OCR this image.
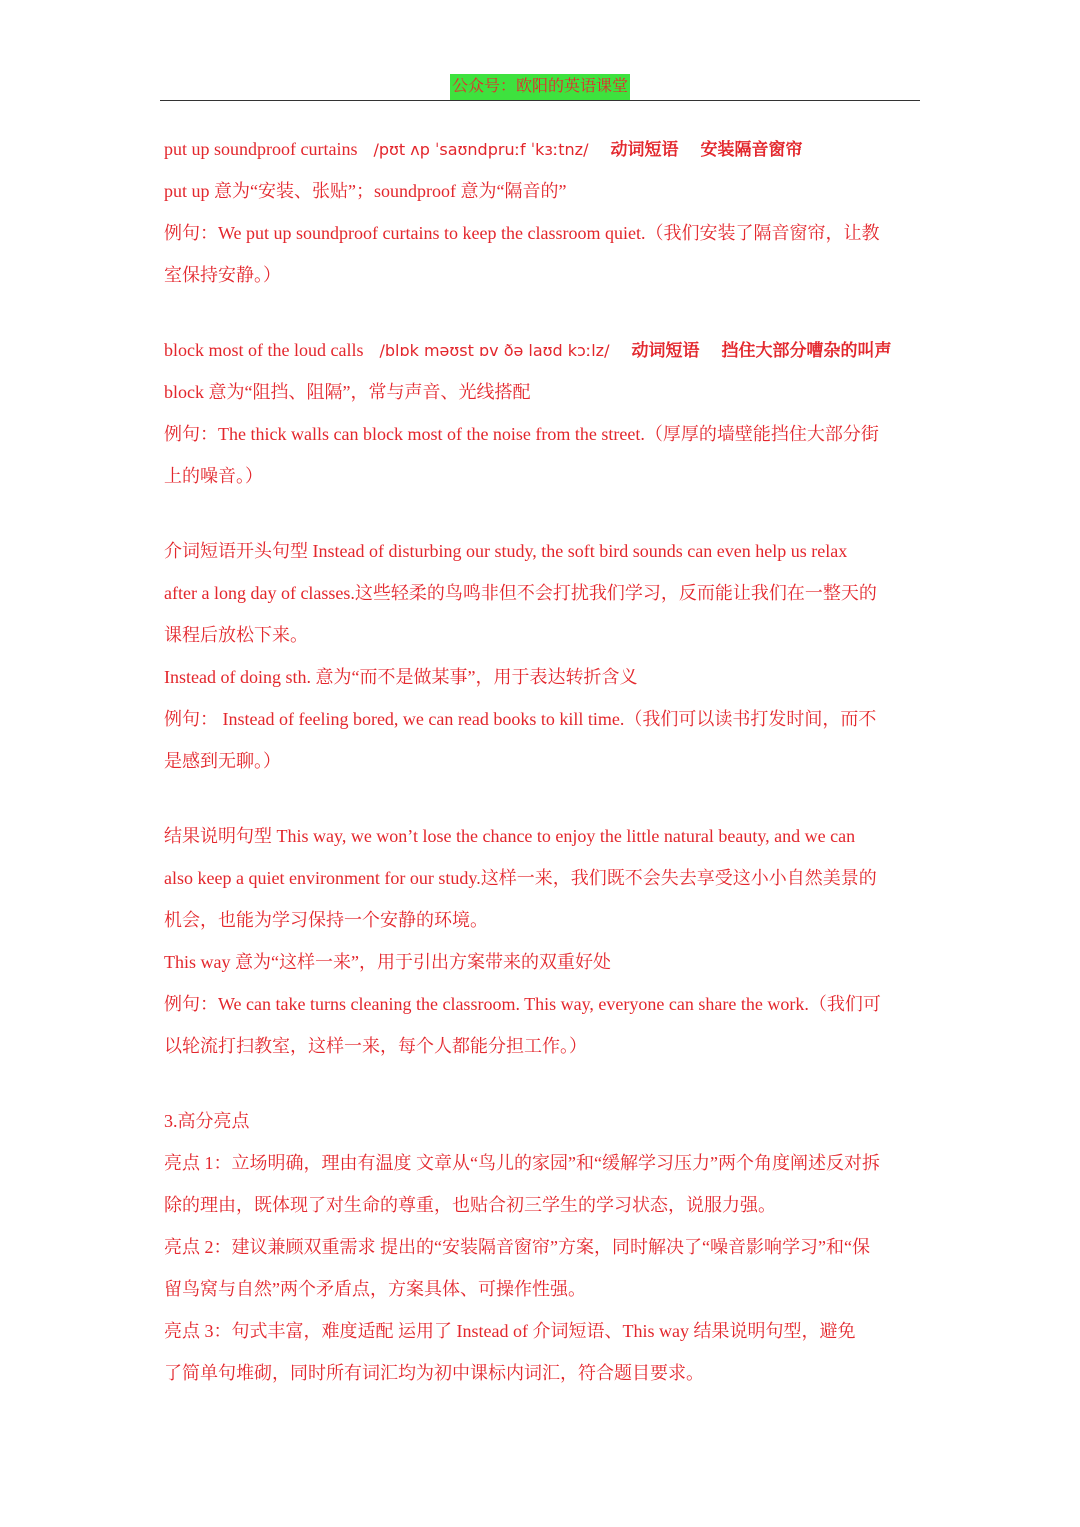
公众号：欧阳的英语课堂
put up soundproof curtains /pʊt ʌp ˈsaʊndpruːf ˈkɜːtnz/ 动词短语 安装隔音窗帘
put up 意为“安装、张贴”；soundproof 意为“隔音的”
例句：We put up soundproof curtains to keep the classroom quiet.（我们安装了隔音窗帘，让教
室保持安静。）
block most of the loud calls /blɒk məʊst ɒv ðə laʊd kɔːlz/ 动词短语 挡住大部分嘈杂的叫声
block 意为“阻挡、阻隔”，常与声音、光线搭配
例句：The thick walls can block most of the noise from the street.（厚厚的墙壁能挡住大部分街
上的噪音。）
介词短语开头句型 Instead of disturbing our study, the soft bird sounds can even help us relax
after a long day of classes.这些轻柔的鸟鸣非但不会打扰我们学习，反而能让我们在一整天的
课程后放松下来。
Instead of doing sth. 意为“而不是做某事”，用于表达转折含义
例句： Instead of feeling bored, we can read books to kill time.（我们可以读书打发时间，而不
是感到无聊。）
结果说明句型 This way, we won’t lose the chance to enjoy the little natural beauty, and we can
also keep a quiet environment for our study.这样一来，我们既不会失去享受这小小自然美景的
机会，也能为学习保持一个安静的环境。
This way 意为“这样一来”，用于引出方案带来的双重好处
例句：We can take turns cleaning the classroom. This way, everyone can share the work.（我们可
以轮流打扫教室，这样一来，每个人都能分担工作。）
3.高分亮点
亮点 1：立场明确，理由有温度 文章从“鸟儿的家园”和“缓解学习压力”两个角度阐述反对拆
除的理由，既体现了对生命的尊重，也贴合初三学生的学习状态，说服力强。
亮点 2：建议兼顾双重需求 提出的“安装隔音窗帘”方案，同时解决了“噪音影响学习”和“保
留鸟窝与自然”两个矛盾点，方案具体、可操作性强。
亮点 3：句式丰富，难度适配 运用了 Instead of 介词短语、This way 结果说明句型，避免
了简单句堆砌，同时所有词汇均为初中课标内词汇，符合题目要求。
